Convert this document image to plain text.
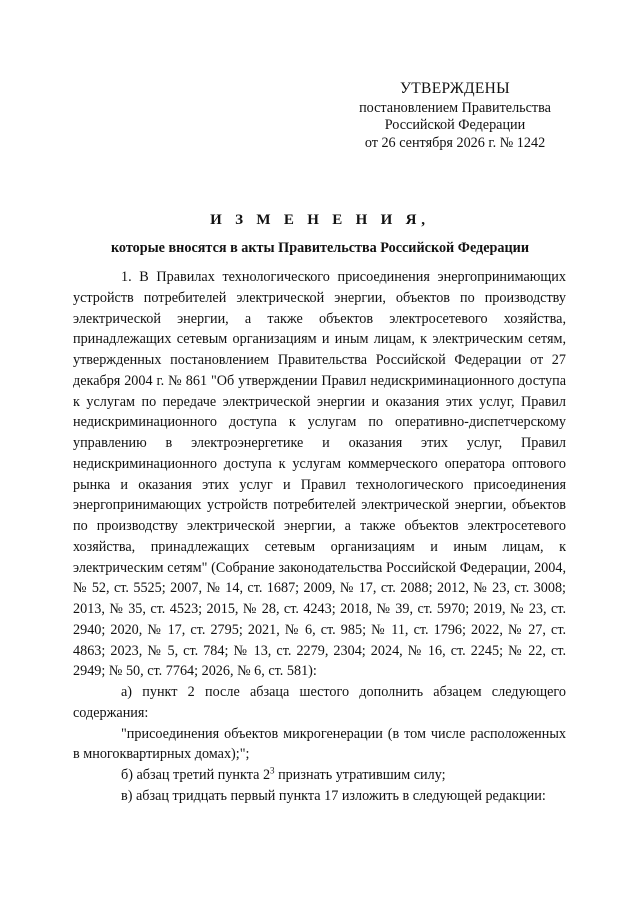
УТВЕРЖДЕНЫ
постановлением Правительства
Российской Федерации
от 26 сентября 2026 г. № 1242
И З М Е Н Е Н И Я,
которые вносятся в акты Правительства Российской Федерации

1. В Правилах технологического присоединения энергопринимающих устройств потребителей электрической энергии, объектов по производству электрической энергии, а также объектов электросетевого хозяйства, принадлежащих сетевым организациям и иным лицам, к электрическим сетям, утвержденных постановлением Правительства Российской Федерации от 27 декабря 2004 г. № 861 "Об утверждении Правил недискриминационного доступа к услугам по передаче электрической энергии и оказания этих услуг, Правил недискриминационного доступа к услугам по оперативно-диспетчерскому управлению в электроэнергетике и оказания этих услуг, Правил недискриминационного доступа к услугам коммерческого оператора оптового рынка и оказания этих услуг и Правил технологического присоединения энергопринимающих устройств потребителей электрической энергии, объектов по производству электрической энергии, а также объектов электросетевого хозяйства, принадлежащих сетевым организациям и иным лицам, к электрическим сетям" (Собрание законодательства Российской Федерации, 2004, № 52, ст. 5525; 2007, № 14, ст. 1687; 2009, № 17, ст. 2088; 2012, № 23, ст. 3008; 2013, № 35, ст. 4523; 2015, № 28, ст. 4243; 2018, № 39, ст. 5970; 2019, № 23, ст. 2940; 2020, № 17, ст. 2795; 2021, № 6, ст. 985; № 11, ст. 1796; 2022, № 27, ст. 4863; 2023, № 5, ст. 784; № 13, ст. 2279, 2304; 2024, № 16, ст. 2245; № 22, ст. 2949; № 50, ст. 7764; 2026, № 6, ст. 581):

а) пункт 2 после абзаца шестого дополнить абзацем следующего содержания:

"присоединения объектов микрогенерации (в том числе расположенных в многоквартирных домах);";

б) абзац третий пункта $2^3$ признать утратившим силу;

в) абзац тридцать первый пункта 17 изложить в следующей редакции:
